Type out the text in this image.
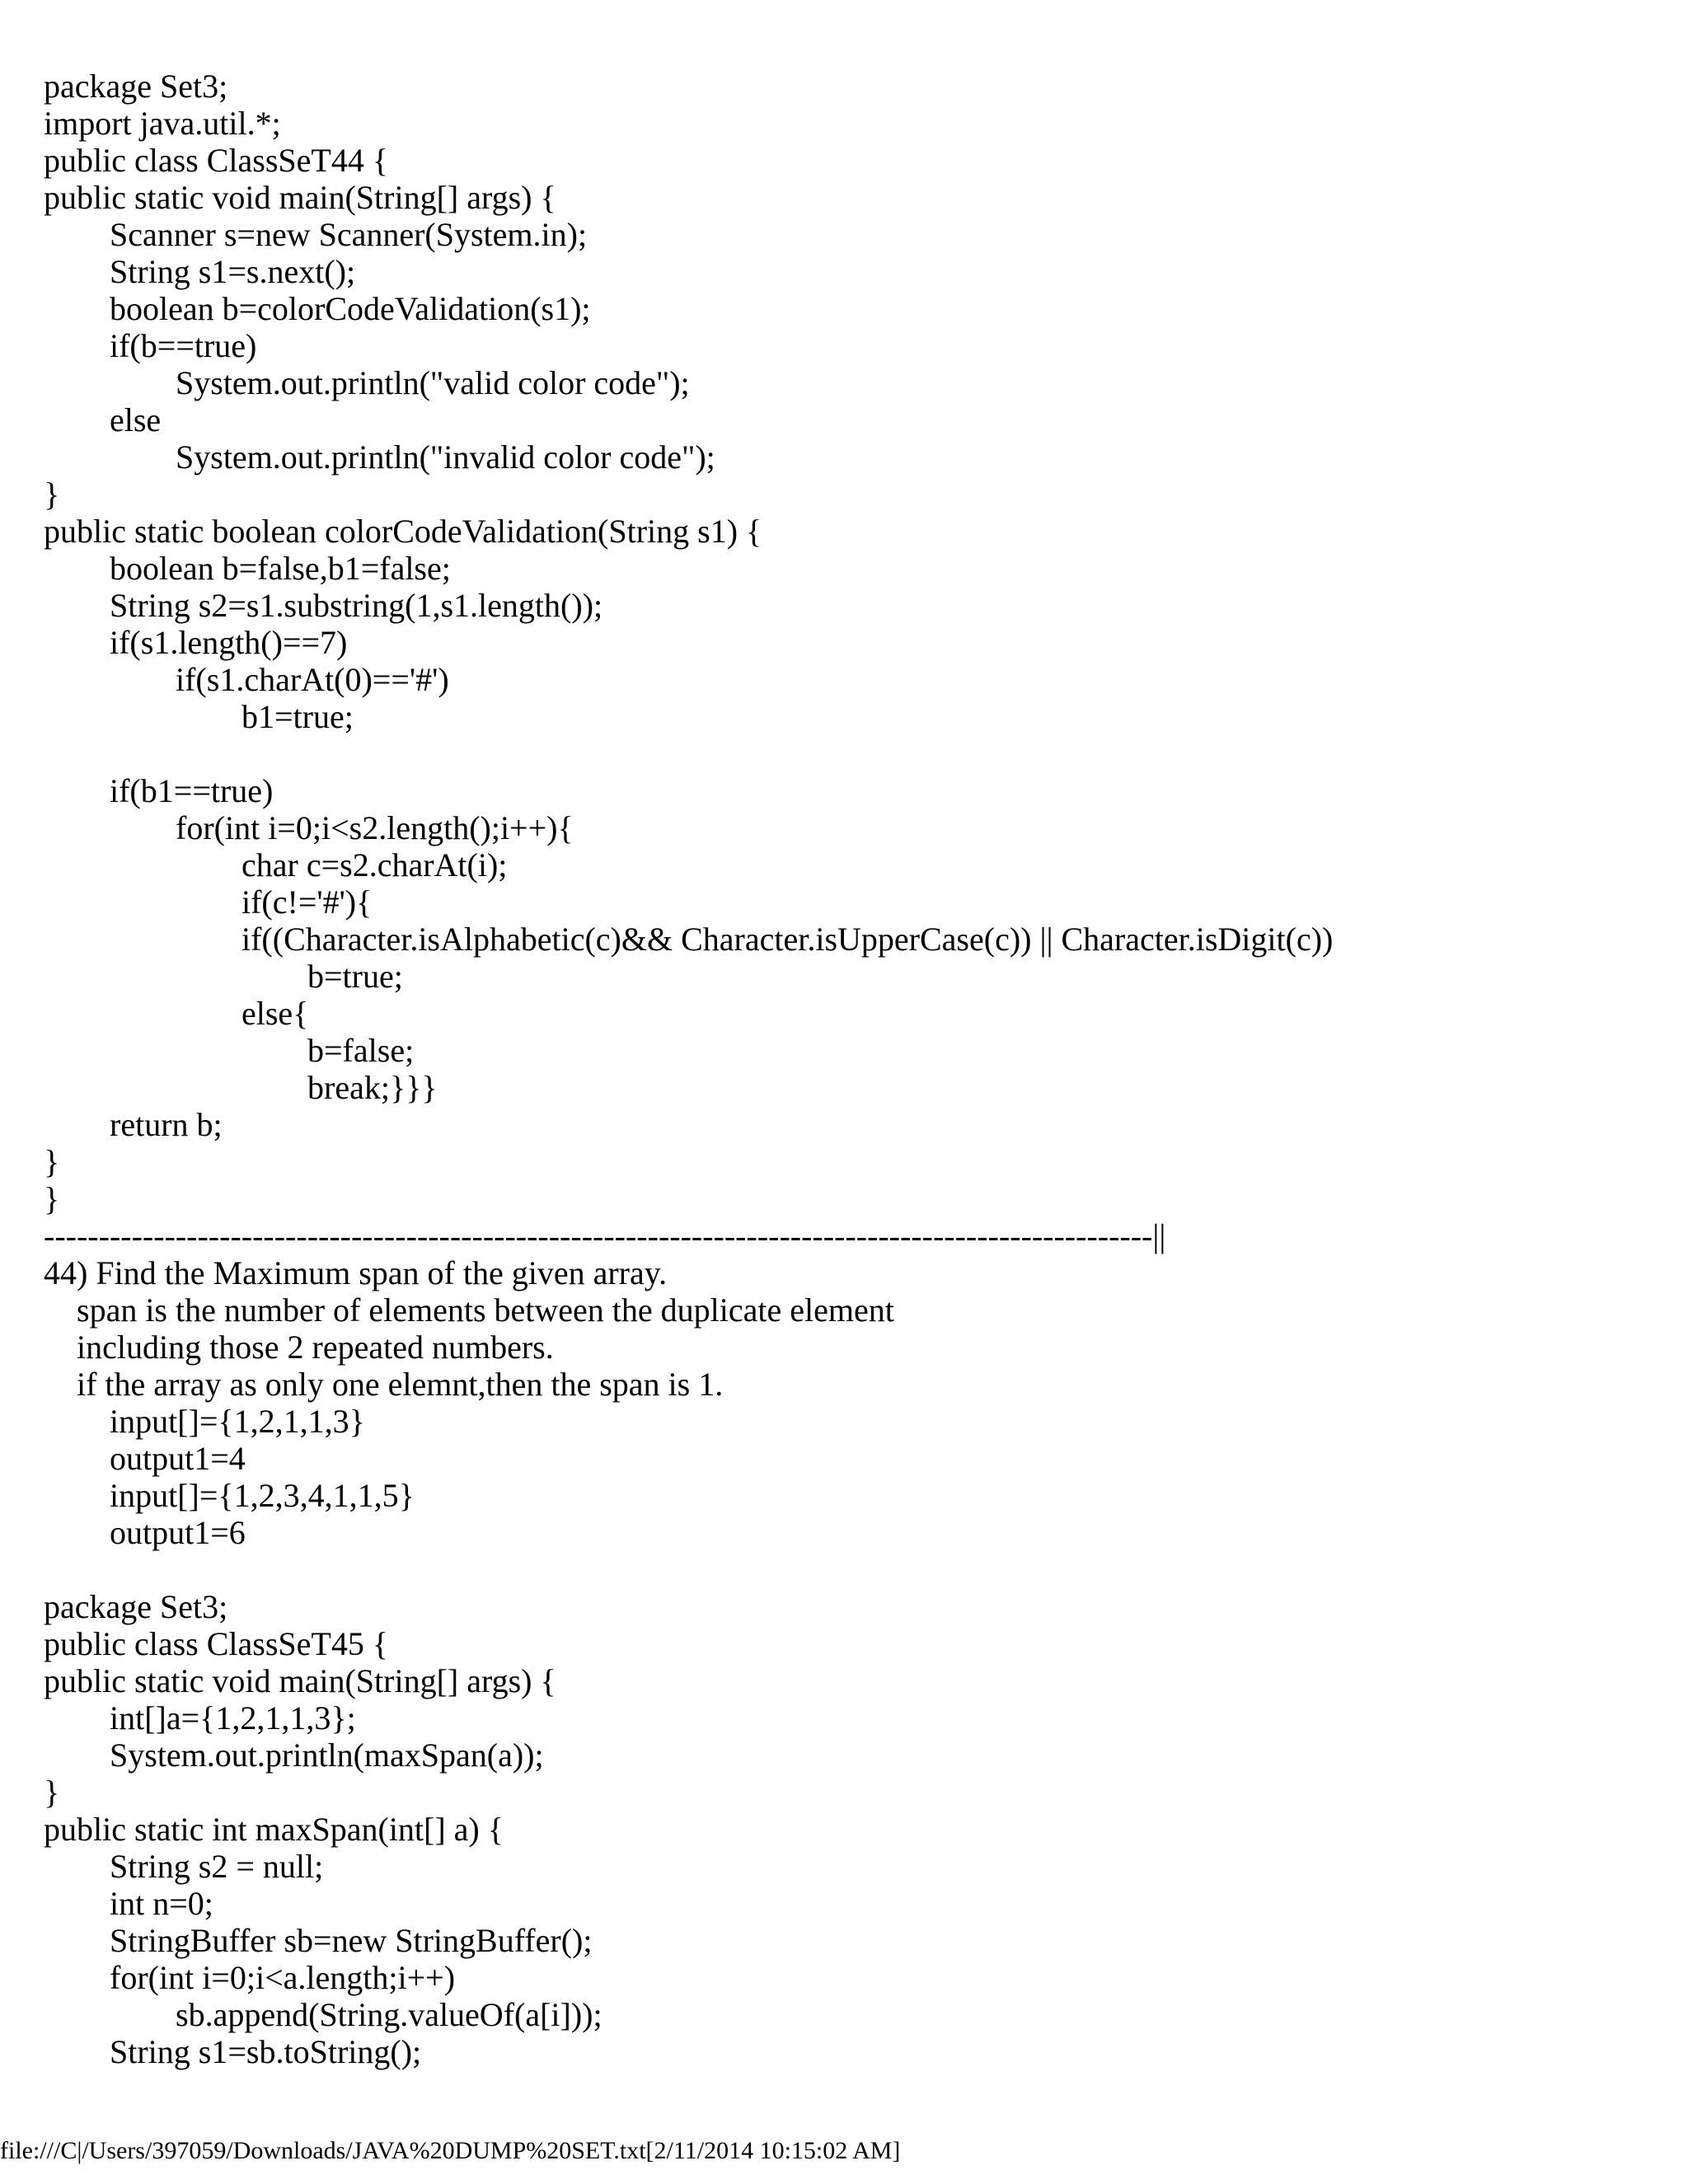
package Set3;
import java.util.*;
public class ClassSeT44 {
public static void main(String[] args) {
Scanner s=new Scanner(System.in);
String s1=s.next();
boolean b=colorCodeValidation(s1);
if(b==true)
System.out.println("valid color code");
else
System.out.println("invalid color code");
}
public static boolean colorCodeValidation(String s1) {
boolean b=false,b1=false;
String s2=s1.substring(1,s1.length());
if(s1.length()==7)
if(s1.charAt(0)=='#')
b1=true;
if(b1==true)
for(int i=0;i<s2.length();i++){
char c=s2.charAt(i);
if(c!='#'){
if((Character.isAlphabetic(c)&& Character.isUpperCase(c)) || Character.isDigit(c))
b=true;
else{
b=false;
break;}}}
return b;
}
}
-----------------------------------------------------------------------------------------------------||
44) Find the Maximum span of the given array.
span is the number of elements between the duplicate element
including those 2 repeated numbers.
if the array as only one elemnt,then the span is 1.
input[]={1,2,1,1,3}
output1=4
input[]={1,2,3,4,1,1,5}
output1=6
package Set3;
public class ClassSeT45 {
public static void main(String[] args) {
int[]a={1,2,1,1,3};
System.out.println(maxSpan(a));
}
public static int maxSpan(int[] a) {
String s2 = null;
int n=0;
StringBuffer sb=new StringBuffer();
for(int i=0;i<a.length;i++)
sb.append(String.valueOf(a[i]));
String s1=sb.toString();
file:///C|/Users/397059/Downloads/JAVA%20DUMP%20SET.txt[2/11/2014 10:15:02 AM]
